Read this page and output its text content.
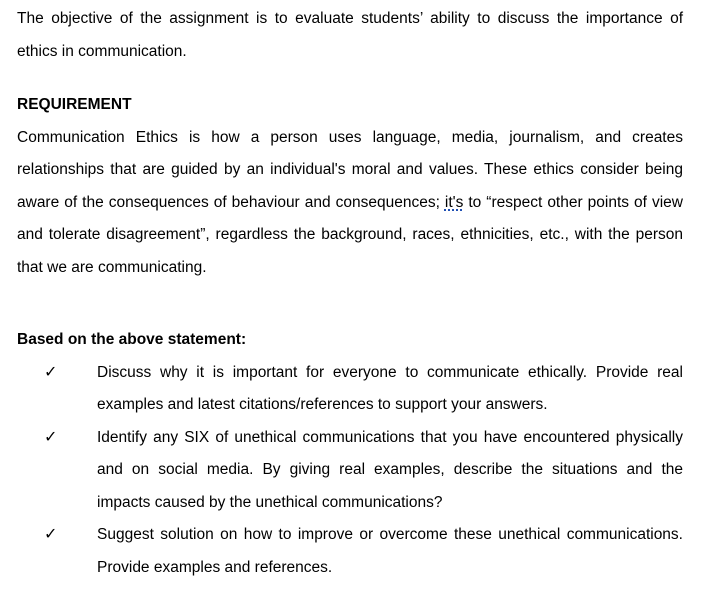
The objective of the assignment is to evaluate students’ ability to discuss the importance of ethics in communication.

REQUIREMENT

Communication Ethics is how a person uses language, media, journalism, and creates relationships that are guided by an individual's moral and values. These ethics consider being aware of the consequences of behaviour and consequences; it's to “respect other points of view and tolerate disagreement”, regardless the background, races, ethnicities, etc., with the person that we are communicating.

Based on the above statement:

✓	Discuss why it is important for everyone to communicate ethically. Provide real examples and latest citations/references to support your answers.

✓	Identify any SIX of unethical communications that you have encountered physically and on social media. By giving real examples, describe the situations and the impacts caused by the unethical communications?

✓	Suggest solution on how to improve or overcome these unethical communications. Provide examples and references.
